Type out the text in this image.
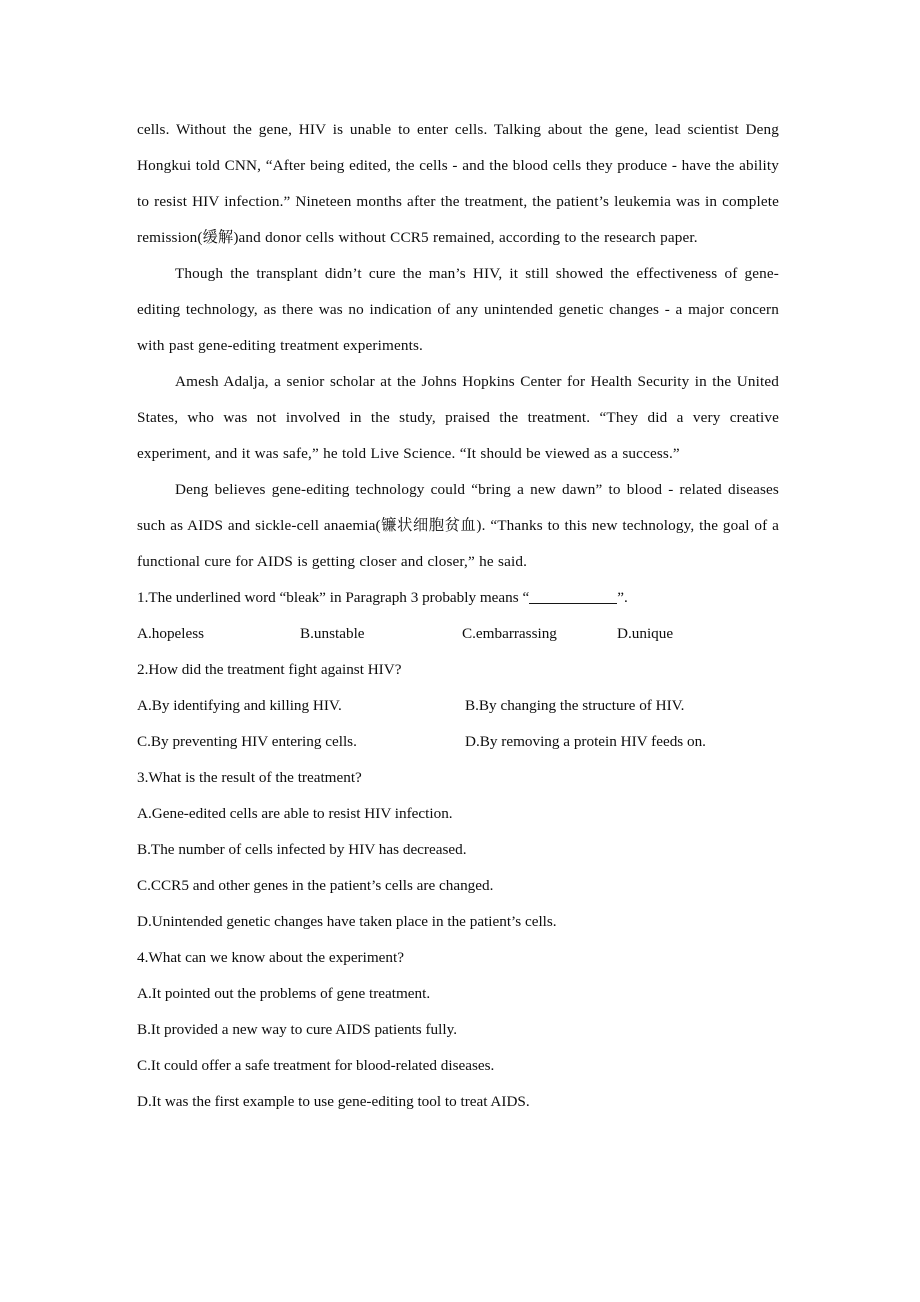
cells. Without the gene, HIV is unable to enter cells. Talking about the gene, lead scientist Deng Hongkui told CNN, “After being edited, the cells - and the blood cells they produce - have the ability to resist HIV infection.” Nineteen months after the treatment, the patient’s leukemia was in complete remission(缓解)and donor cells without CCR5 remained, according to the research paper.

Though the transplant didn’t cure the man’s HIV, it still showed the effectiveness of gene-editing technology, as there was no indication of any unintended genetic changes - a major concern with past gene-editing treatment experiments.

Amesh Adalja, a senior scholar at the Johns Hopkins Center for Health Security in the United States, who was not involved in the study, praised the treatment. “They did a very creative experiment, and it was safe,” he told Live Science. “It should be viewed as a success.”

Deng believes gene-editing technology could “bring a new dawn” to blood - related diseases such as AIDS and sickle-cell anaemia(镰状细胞贫血). “Thanks to this new technology, the goal of a functional cure for AIDS is getting closer and closer,” he said.

1.The underlined word “bleak” in Paragraph 3 probably means “	”.
A.hopeless	B.unstable	C.embarrassing	D.unique
2.How did the treatment fight against HIV?
A.By identifying and killing HIV.	B.By changing the structure of HIV.
C.By preventing HIV entering cells.	D.By removing a protein HIV feeds on.
3.What is the result of the treatment?
A.Gene-edited cells are able to resist HIV infection.
B.The number of cells infected by HIV has decreased.
C.CCR5 and other genes in the patient’s cells are changed.
D.Unintended genetic changes have taken place in the patient’s cells.
4.What can we know about the experiment?
A.It pointed out the problems of gene treatment.
B.It provided a new way to cure AIDS patients fully.
C.It could offer a safe treatment for blood-related diseases.
D.It was the first example to use gene-editing tool to treat AIDS.
